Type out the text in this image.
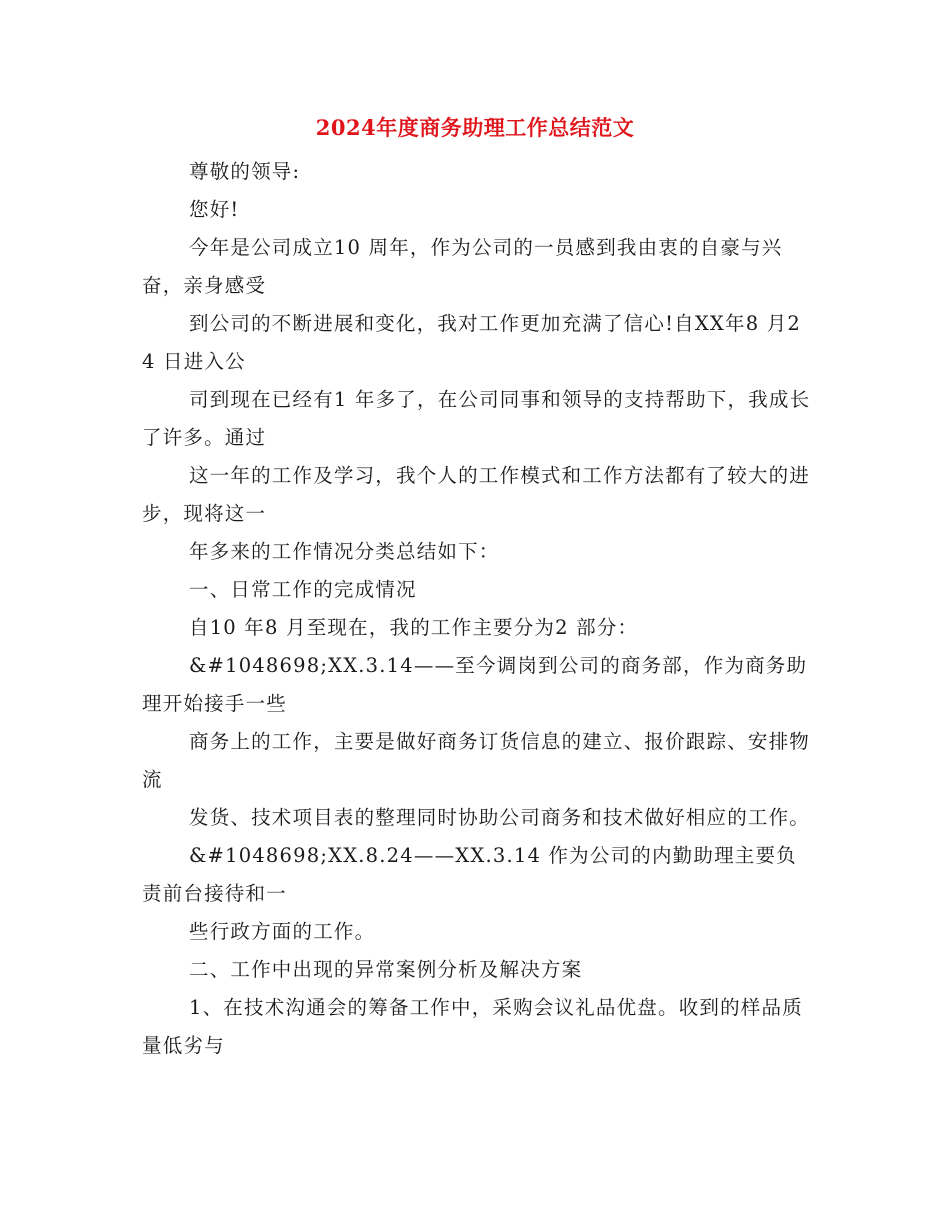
2024年度商务助理工作总结范文

尊敬的领导:

您好!

今年是公司成立10 周年，作为公司的一员感到我由衷的自豪与兴奋，亲身感受

到公司的不断进展和变化，我对工作更加充满了信心!自XX年8 月24 日进入公

司到现在已经有1 年多了，在公司同事和领导的支持帮助下，我成长了许多。通过

这一年的工作及学习，我个人的工作模式和工作方法都有了较大的进步，现将这一

年多来的工作情况分类总结如下：

一、日常工作的完成情况

自10 年8 月至现在，我的工作主要分为2 部分：

&#1048698;XX.3.14——至今调岗到公司的商务部，作为商务助理开始接手一些

商务上的工作，主要是做好商务订货信息的建立、报价跟踪、安排物流

发货、技术项目表的整理同时协助公司商务和技术做好相应的工作。

&#1048698;XX.8.24——XX.3.14 作为公司的内勤助理主要负责前台接待和一

些行政方面的工作。

二、工作中出现的异常案例分析及解决方案

1、在技术沟通会的筹备工作中，采购会议礼品优盘。收到的样品质量低劣与
